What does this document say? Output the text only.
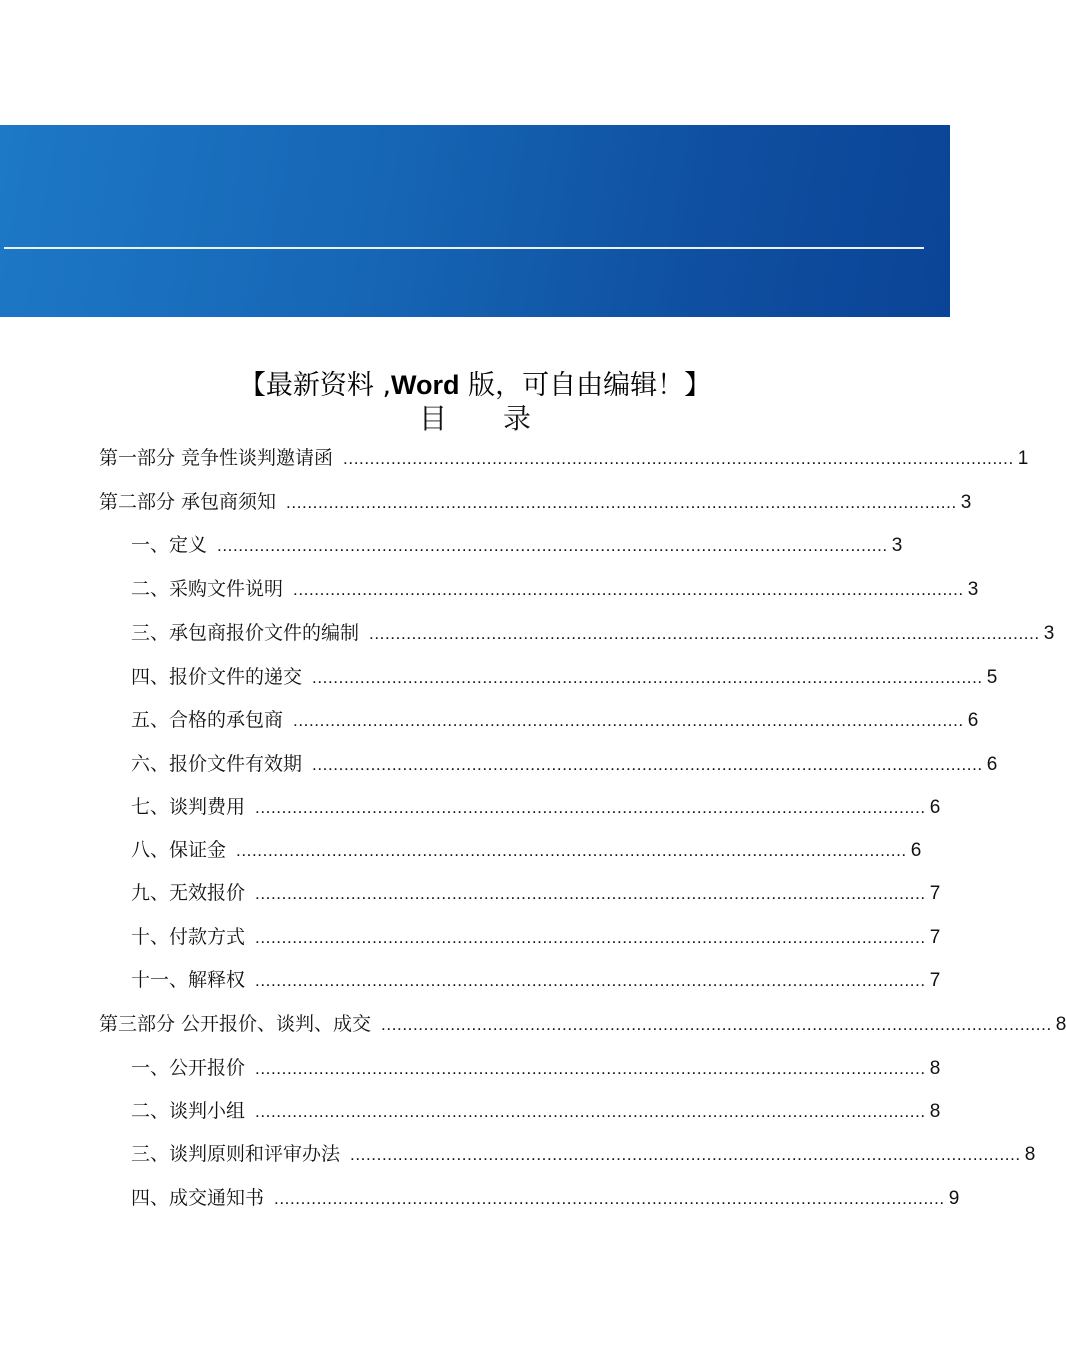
【最新资料 ,Word 版，可自由编辑！】
目录
第一部分 竞争性谈判邀请函 .............................................................................................................................. 1
第二部分 承包商须知 .............................................................................................................................. 3
一、定义 .............................................................................................................................. 3
二、采购文件说明 .............................................................................................................................. 3
三、承包商报价文件的编制 .............................................................................................................................. 3
四、报价文件的递交 .............................................................................................................................. 5
五、合格的承包商 .............................................................................................................................. 6
六、报价文件有效期 .............................................................................................................................. 6
七、谈判费用 .............................................................................................................................. 6
八、保证金 .............................................................................................................................. 6
九、无效报价 .............................................................................................................................. 7
十、付款方式 .............................................................................................................................. 7
十一、解释权 .............................................................................................................................. 7
第三部分 公开报价、谈判、成交 .............................................................................................................................. 8
一、公开报价 .............................................................................................................................. 8
二、谈判小组 .............................................................................................................................. 8
三、谈判原则和评审办法 .............................................................................................................................. 8
四、成交通知书 .............................................................................................................................. 9
